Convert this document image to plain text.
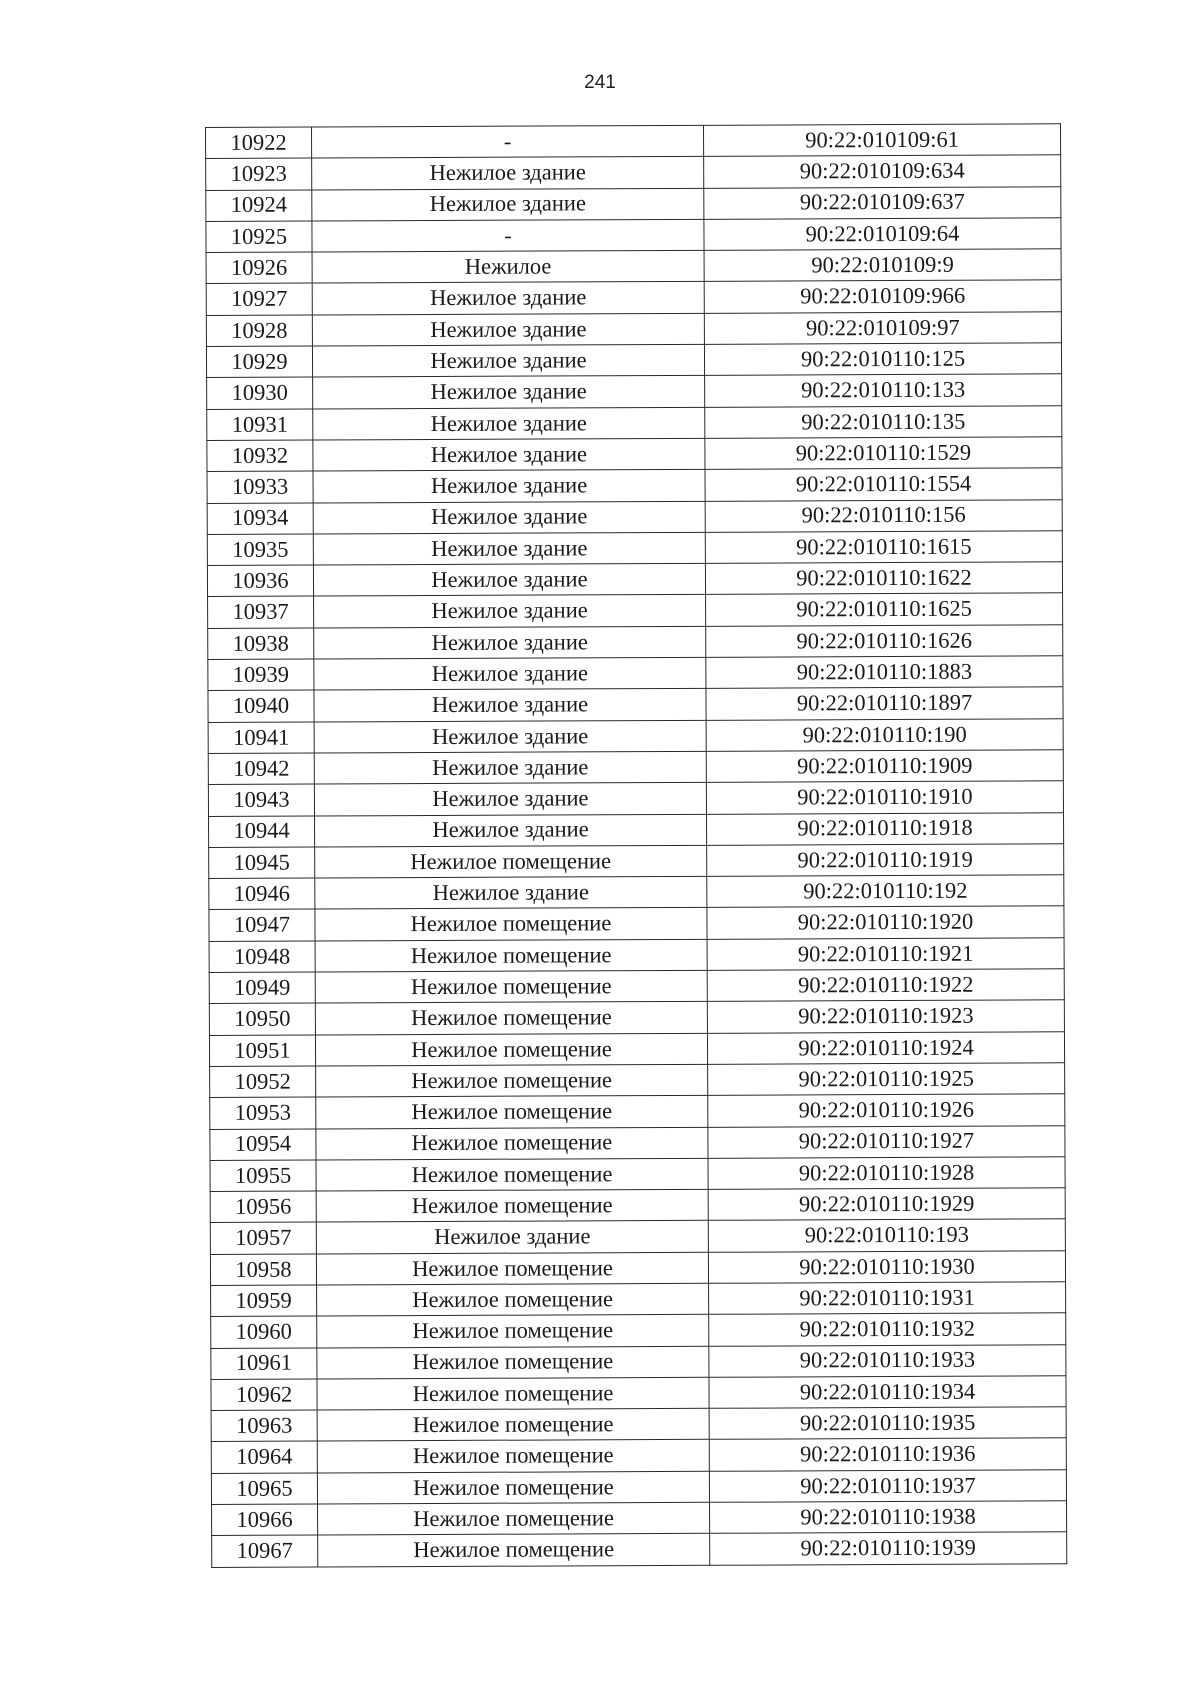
241
10922	-	90:22:010109:61
10923	Нежилое здание	90:22:010109:634
10924	Нежилое здание	90:22:010109:637
10925	-	90:22:010109:64
10926	Нежилое	90:22:010109:9
10927	Нежилое здание	90:22:010109:966
10928	Нежилое здание	90:22:010109:97
10929	Нежилое здание	90:22:010110:125
10930	Нежилое здание	90:22:010110:133
10931	Нежилое здание	90:22:010110:135
10932	Нежилое здание	90:22:010110:1529
10933	Нежилое здание	90:22:010110:1554
10934	Нежилое здание	90:22:010110:156
10935	Нежилое здание	90:22:010110:1615
10936	Нежилое здание	90:22:010110:1622
10937	Нежилое здание	90:22:010110:1625
10938	Нежилое здание	90:22:010110:1626
10939	Нежилое здание	90:22:010110:1883
10940	Нежилое здание	90:22:010110:1897
10941	Нежилое здание	90:22:010110:190
10942	Нежилое здание	90:22:010110:1909
10943	Нежилое здание	90:22:010110:1910
10944	Нежилое здание	90:22:010110:1918
10945	Нежилое помещение	90:22:010110:1919
10946	Нежилое здание	90:22:010110:192
10947	Нежилое помещение	90:22:010110:1920
10948	Нежилое помещение	90:22:010110:1921
10949	Нежилое помещение	90:22:010110:1922
10950	Нежилое помещение	90:22:010110:1923
10951	Нежилое помещение	90:22:010110:1924
10952	Нежилое помещение	90:22:010110:1925
10953	Нежилое помещение	90:22:010110:1926
10954	Нежилое помещение	90:22:010110:1927
10955	Нежилое помещение	90:22:010110:1928
10956	Нежилое помещение	90:22:010110:1929
10957	Нежилое здание	90:22:010110:193
10958	Нежилое помещение	90:22:010110:1930
10959	Нежилое помещение	90:22:010110:1931
10960	Нежилое помещение	90:22:010110:1932
10961	Нежилое помещение	90:22:010110:1933
10962	Нежилое помещение	90:22:010110:1934
10963	Нежилое помещение	90:22:010110:1935
10964	Нежилое помещение	90:22:010110:1936
10965	Нежилое помещение	90:22:010110:1937
10966	Нежилое помещение	90:22:010110:1938
10967	Нежилое помещение	90:22:010110:1939
